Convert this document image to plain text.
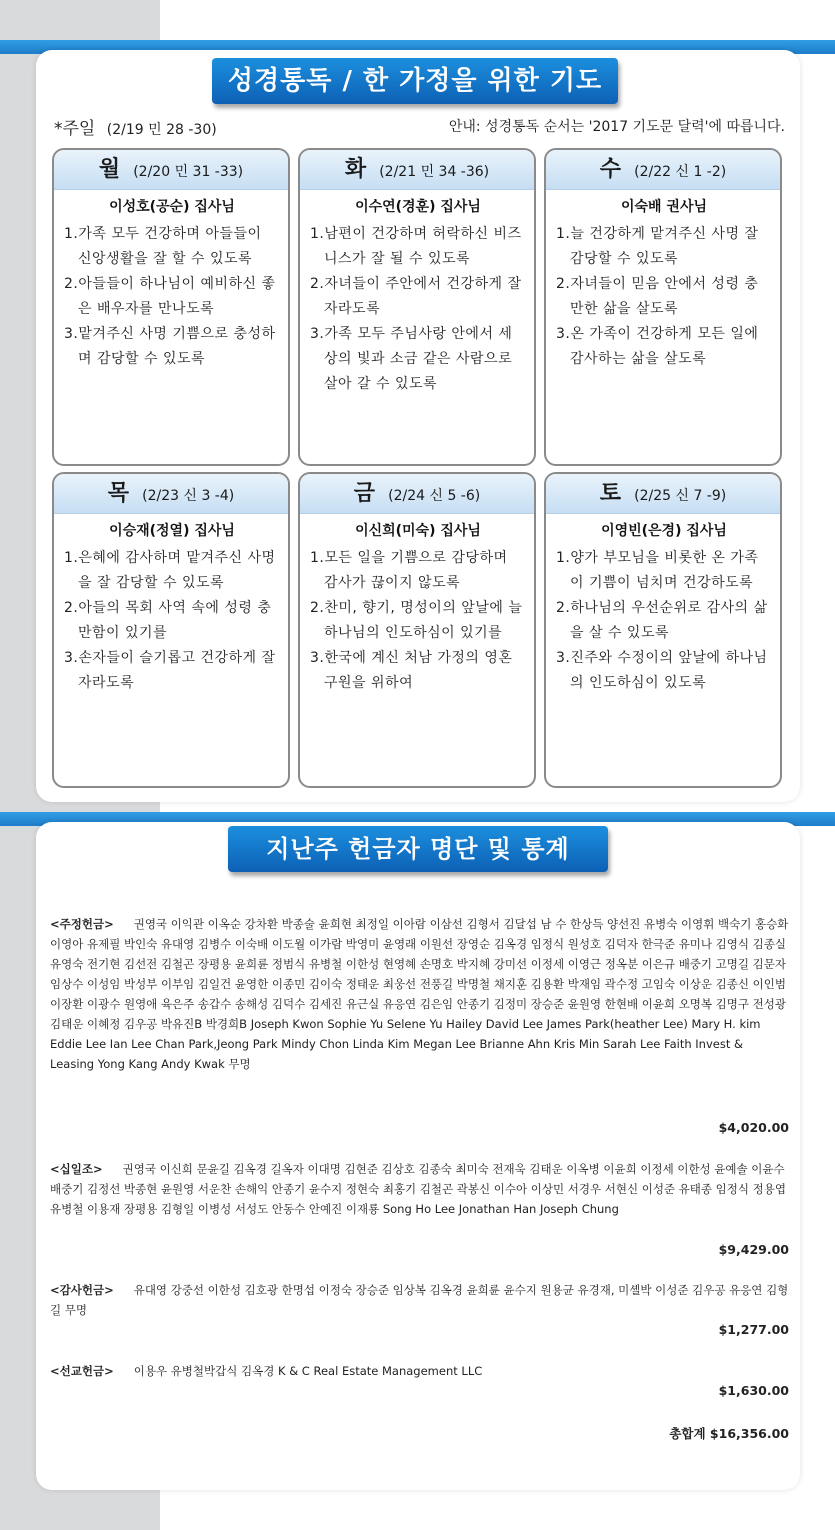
성경통독 / 한 가정을 위한 기도
*주일 (2/19 민 28 -30)	안내: 성경통독 순서는 '2017 기도문 달력'에 따릅니다.
월 (2/20 민 31 -33)
이성호(공순) 집사님
1.가족 모두 건강하며 아들들이 신앙생활을 잘 할 수 있도록
2.아들들이 하나님이 예비하신 좋은 배우자를 만나도록
3.맡겨주신 사명 기쁨으로 충성하며 감당할 수 있도록
화 (2/21 민 34 -36)
이수연(경훈) 집사님
1.남편이 건강하며 허락하신 비즈니스가 잘 될 수 있도록
2.자녀들이 주안에서 건강하게 잘 자라도록
3.가족 모두 주님사랑 안에서 세상의 빛과 소금 같은 사람으로 살아 갈 수 있도록
수 (2/22 신 1 -2)
이숙배 권사님
1.늘 건강하게 맡겨주신 사명 잘 감당할 수 있도록
2.자녀들이 믿음 안에서 성령 충만한 삶을 살도록
3.온 가족이 건강하게 모든 일에 감사하는 삶을 살도록
목 (2/23 신 3 -4)
이승재(정열) 집사님
1.은혜에 감사하며 맡겨주신 사명을 잘 감당할 수 있도록
2.아들의 목회 사역 속에 성령 충만함이 있기를
3.손자들이 슬기롭고 건강하게 잘 자라도록
금 (2/24 신 5 -6)
이신희(미숙) 집사님
1.모든 일을 기쁨으로 감당하며 감사가 끊이지 않도록
2.찬미, 향기, 명성이의 앞날에 늘 하나님의 인도하심이 있기를
3.한국에 계신 처남 가정의 영혼 구원을 위하여
토 (2/25 신 7 -9)
이영빈(은경) 집사님
1.양가 부모님을 비롯한 온 가족이 기쁨이 넘치며 건강하도록
2.하나님의 우선순위로 감사의 삶을 살 수 있도록
3.진주와 수정이의 앞날에 하나님의 인도하심이 있도록
지난주 헌금자 명단 및 통계
<주정헌금> 권영국 이익관 이옥순 강차환 박종술 윤희현 최정일 이아람 이삼선 김형서 김달섭 남 수 한상득 양선진 유병숙 이영휘 백숙기 홍승화 이영아 유제필 박인숙 유대영 김병수 이숙배 이도월 이가람 박영미 윤영래 이원선 장영순 김옥경 임정식 원성호 김덕자 한극준 유미나 김영식 김종실 유영숙 전기현 김선전 김철곤 장평용 윤희륜 정범식 유병철 이한성 현영혜 손명호 박지혜 강미선 이정세 이영근 정옥분 이은규 배중기 고명길 김문자 임상수 이성임 박성부 이부임 김일건 윤영한 이종민 김이숙 정태운 최웅선 전풍길 박명철 채지훈 김용환 박재임 곽수정 고임숙 이상운 김종신 이인범 이장환 이광수 원영애 육은주 송갑수 송해성 김덕수 김세진 유근실 유응연 김은임 안종기 김정미 장승준 윤원영 한현배 이윤희 오명복 김명구 전성광 김태운 이혜정 김우공 박유진B 박경희B Joseph Kwon Sophie Yu Selene Yu Hailey David Lee James Park(heather Lee) Mary H. kim Eddie Lee Ian Lee Chan Park,Jeong Park Mindy Chon Linda Kim Megan Lee Brianne Ahn Kris Min Sarah Lee Faith Invest & Leasing Yong Kang Andy Kwak 무명
$4,020.00
<십일조> 권영국 이신희 문윤길 김옥경 길옥자 이대명 김현준 김상호 김종숙 최미숙 전재욱 김태운 이옥병 이윤희 이정세 이한성 윤예솔 이윤수 배중기 김정선 박종현 윤원영 서운찬 손해익 안종기 윤수지 정현숙 최홍기 김철곤 곽봉신 이수아 이상민 서경우 서현신 이성준 유태종 임정식 정용엽 유병철 이용재 장평용 김형일 이병성 서성도 안동수 안예진 이재룡 Song Ho Lee Jonathan Han Joseph Chung
$9,429.00
<감사헌금> 유대영 강중선 이한성 김호광 한명섭 이정숙 장승준 임상복 김옥경 윤희륜 윤수지 원용균 유경재, 미셸박 이성준 김우공 유응연 김형길 무명
$1,277.00
<선교헌금> 이용우 유병철박갑식 김옥경 K & C Real Estate Management LLC
$1,630.00
총합계 $16,356.00
